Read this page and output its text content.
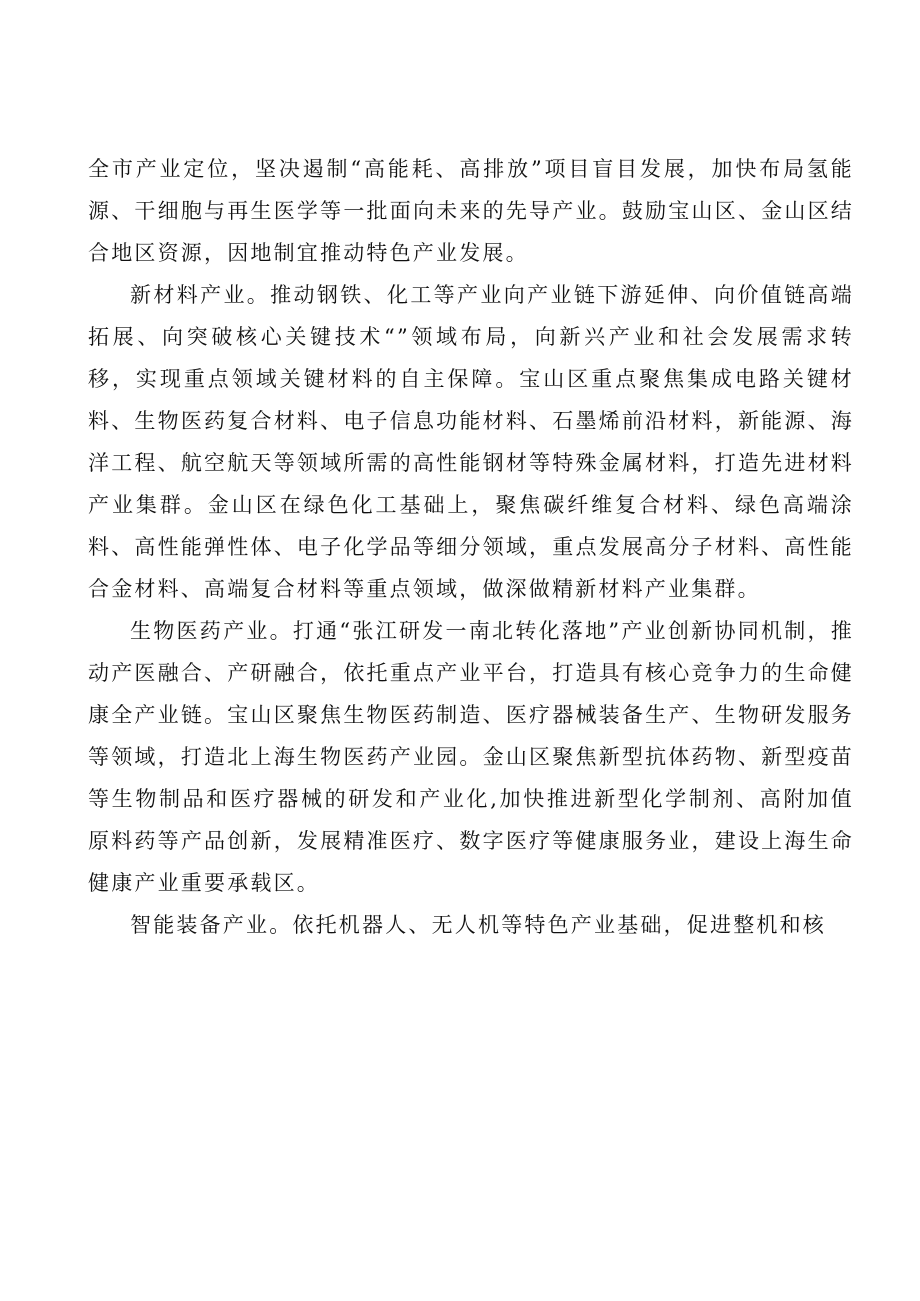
全市产业定位，坚决遏制“高能耗、高排放”项目盲目发展，加快布局氢能源、干细胞与再生医学等一批面向未来的先导产业。鼓励宝山区、金山区结合地区资源，因地制宜推动特色产业发展。

新材料产业。推动钢铁、化工等产业向产业链下游延伸、向价值链高端拓展、向突破核心关键技术“”领域布局，向新兴产业和社会发展需求转移，实现重点领域关键材料的自主保障。宝山区重点聚焦集成电路关键材料、生物医药复合材料、电子信息功能材料、石墨烯前沿材料，新能源、海洋工程、航空航天等领域所需的高性能钢材等特殊金属材料，打造先进材料产业集群。金山区在绿色化工基础上，聚焦碳纤维复合材料、绿色高端涂料、高性能弹性体、电子化学品等细分领域，重点发展高分子材料、高性能合金材料、高端复合材料等重点领域，做深做精新材料产业集群。

生物医药产业。打通“张江研发一南北转化落地”产业创新协同机制，推动产医融合、产研融合，依托重点产业平台，打造具有核心竞争力的生命健康全产业链。宝山区聚焦生物医药制造、医疗器械装备生产、生物研发服务等领域，打造北上海生物医药产业园。金山区聚焦新型抗体药物、新型疫苗等生物制品和医疗器械的研发和产业化,加快推进新型化学制剂、高附加值原料药等产品创新，发展精准医疗、数字医疗等健康服务业，建设上海生命健康产业重要承载区。

智能装备产业。依托机器人、无人机等特色产业基础，促进整机和核
